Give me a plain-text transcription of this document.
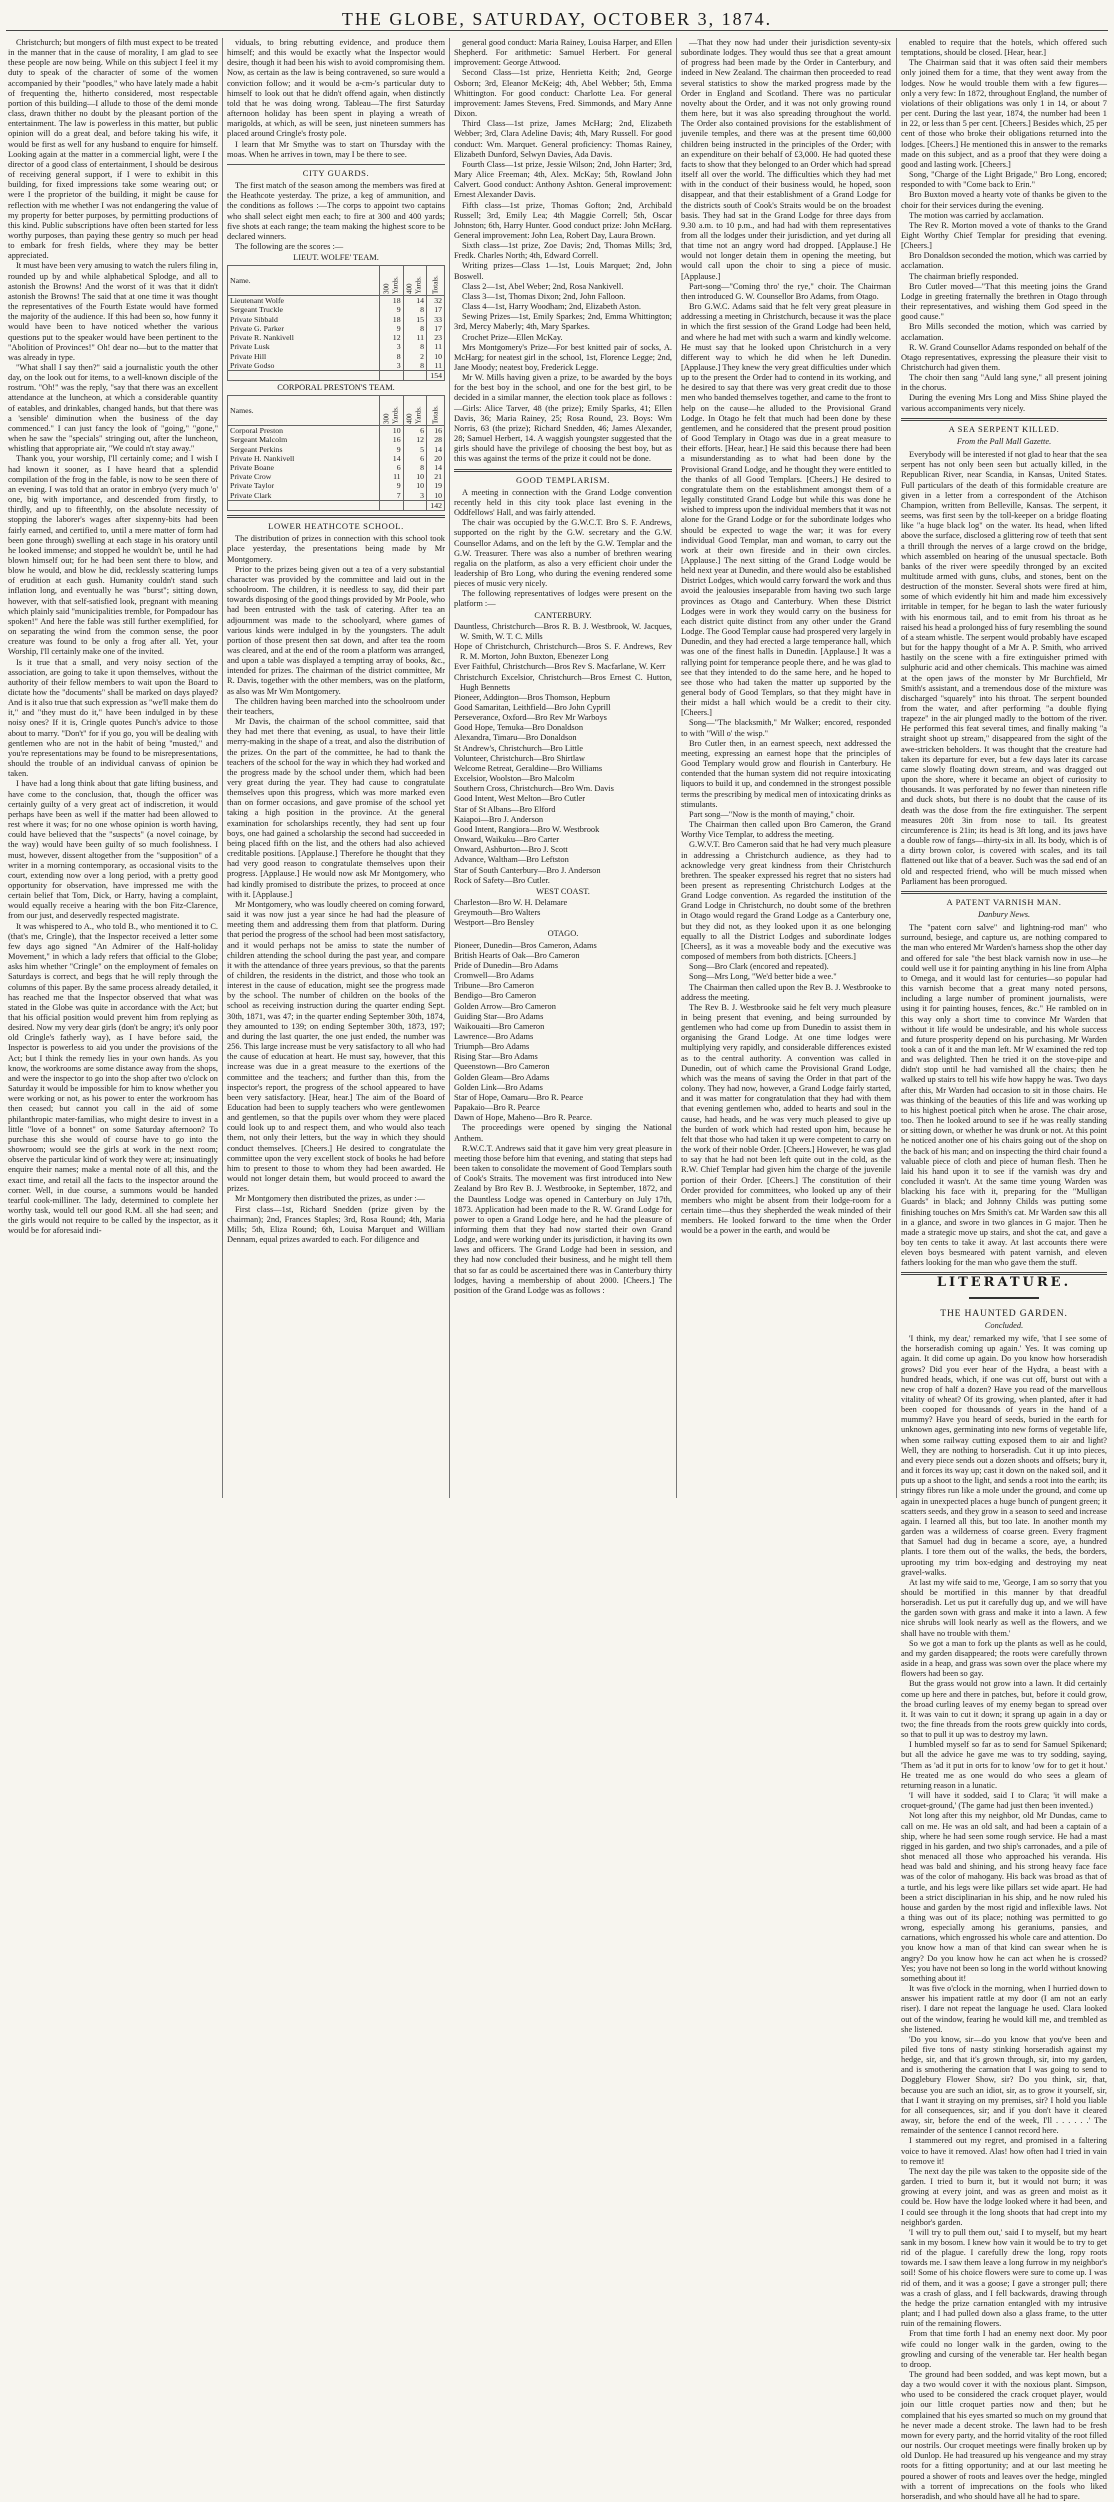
THE GLOBE, SATURDAY, OCTOBER 3, 1874.

Christchurch; but mongers of filth must expect to be treated in the manner that in the cause of morality, I am glad to see these people are now being. While on this subject I feel it my duty to speak of the character of some of the women accompanied by their "poodles," who have lately made a habit of frequenting the, hitherto considered, most respectable portion of this building—I allude to those of the demi monde class, drawn thither no doubt by the pleasant portion of the entertainment. The law is powerless in this matter, but public opinion will do a great deal, and before taking his wife, it would be first as well for any husband to enquire for himself. Looking again at the matter in a commercial light, were I the director of a good class of entertainment, I should be desirous of receiving general support, if I were to exhibit in this building, for fixed impressions take some wearing out; or were I the proprietor of the building, it might be cause for reflection with me whether I was not endangering the value of my property for better purposes, by permitting productions of this kind. Public subscriptions have often been started for less worthy purposes, than paying these gentry so much per head to embark for fresh fields, where they may be better appreciated.

It must have been very amusing to watch the rulers filing in, rounded up by and while alphabetical Splodge, and all to astonish the Browns! And the worst of it was that it didn't astonish the Browns! The said that at one time it was thought the representatives of the Fourth Estate would have formed the majority of the audience. If this had been so, how funny it would have been to have noticed whether the various questions put to the speaker would have been pertinent to the "Abolition of Provinces!" Oh! dear no—but to the matter that was already in type.

"What shall I say then?" said a journalistic youth the other day, on the look out for items, to a well-known disciple of the rostrum. "Oh!" was the reply, "say that there was an excellent attendance at the luncheon, at which a considerable quantity of eatables, and drinkables, changed hands, but that there was a 'sensible' diminution when the business of the day commenced." I can just fancy the look of "going," "gone," when he saw the "specials" stringing out, after the luncheon, whistling that appropriate air, "We could n't stay away."

Thank you, your worship, I'll certainly come; and I wish I had known it sooner, as I have heard that a splendid compilation of the frog in the fable, is now to be seen there of an evening. I was told that an orator in embryo (very much 'o' one, big with importance, and descended from firstly, to thirdly, and up to fifteenthly, on the absolute necessity of stopping the laborer's wages after sixpenny-bits had been fairly earned, and certified to, until a mere matter of form had been gone through) swelling at each stage in his oratory until he looked immense; and stopped he wouldn't be, until he had blown himself out; for he had been sent there to blow, and blow he would, and blow he did, recklessly scattering lumps of erudition at each gush. Humanity couldn't stand such inflation long, and eventually he was "burst"; sitting down, however, with that self-satisfied look, pregnant with meaning which plainly said "municipalities tremble, for Pompadour has spoken!" And here the fable was still further exemplified, for on separating the wind from the common sense, the poor creature was found to be only a frog after all. Yet, your Worship, I'll certainly make one of the invited.

Is it true that a small, and very noisy section of the association, are going to take it upon themselves, without the authority of their fellow members to wait upon the Board to dictate how the "documents" shall be marked on days played? And is it also true that such expression as "we'll make them do it," and "they must do it," have been indulged in by these noisy ones? If it is, Cringle quotes Punch's advice to those about to marry. "Don't" for if you go, you will be dealing with gentlemen who are not in the habit of being "musted," and you're representations may be found to be misrepresentations, should the trouble of an individual canvass of opinion be taken.

I have had a long think about that gate lifting business, and have come to the conclusion, that, though the officer was certainly guilty of a very great act of indiscretion, it would perhaps have been as well if the matter had been allowed to rest where it was; for no one whose opinion is worth having, could have believed that the "suspects" (a novel coinage, by the way) would have been guilty of so much foolishness. I must, however, dissent altogether from the "supposition" of a writer in a morning contemporary, as occasional visits to the court, extending now over a long period, with a pretty good opportunity for observation, have impressed me with the certain belief that Tom, Dick, or Harry, having a complaint, would equally receive a hearing with the bon Fitz-Clarence, from our just, and deservedly respected magistrate.

It was whispered to A., who told B., who mentioned it to C. (that's me, Cringle), that the Inspector received a letter some few days ago signed "An Admirer of the Half-holiday Movement," in which a lady refers that official to the Globe; asks him whether "Cringle" on the employment of females on Saturdays is correct, and begs that he will reply through the columns of this paper. By the same process already detailed, it has reached me that the Inspector observed that what was stated in the Globe was quite in accordance with the Act; but that his official position would prevent him from replying as desired. Now my very dear girls (don't be angry; it's only poor old Cringle's fatherly way), as I have before said, the Inspector is powerless to aid you under the provisions of the Act; but I think the remedy lies in your own hands. As you know, the workrooms are some distance away from the shops, and were the inspector to go into the shop after two o'clock on Saturday it would be impossible for him to know whether you were working or not, as his power to enter the workroom has then ceased; but cannot you call in the aid of some philanthropic mater-familias, who might desire to invest in a little "love of a bonnet" on some Saturday afternoon? To purchase this she would of course have to go into the showroom; would see the girls at work in the next room; observe the particular kind of work they were at; insinuatingly enquire their names; make a mental note of all this, and the exact time, and retail all the facts to the inspector around the corner. Well, in due course, a summons would be handed tearful cook-milliner. The lady, determined to complete her worthy task, would tell our good R.M. all she had seen; and the girls would not require to be called by the inspector, as it would be for aforesaid indi-

viduals, to bring rebutting evidence, and produce them himself; and this would be exactly what the Inspector would desire, though it had been his wish to avoid compromising them. Now, as certain as the law is being contravened, so sure would a conviction follow; and it would be a-cm-'s particular duty to himself to look out that he didn't offend again, when distinctly told that he was doing wrong. Tableau—The first Saturday afternoon holiday has been spent in playing a wreath of marigolds, at which, as will be seen, just nineteen summers has placed around Cringle's frosty pole.

I learn that Mr Smythe was to start on Thursday with the moas. When he arrives in town, may I be there to see.

CITY GUARDS.

The first match of the season among the members was fired at the Heathcote yesterday. The prize, a keg of ammunition, and the conditions as follows :—The corps to appoint two captains who shall select eight men each; to fire at 300 and 400 yards; five shots at each range; the team making the highest score to be declared winners.

The following are the scores :—

LIEUT. WOLFE' TEAM.
Name.	300 Yards.	400 Yards.	Totals.
Lieutenant Wolfe	18	14	32
Sergeant Truckle	9	8	17
Private Sibbald	18	15	33
Private G. Parker	9	8	17
Private R. Nankivell	12	11	23
Private Lusk	3	8	11
Private Hill	8	2	10
Private Godso	3	8	11
			154
CORPORAL PRESTON'S TEAM.
Names.	300 Yards.	400 Yards.	Totals.
Corporal Preston	10	6	16
Sergeant Malcolm	16	12	28
Sergeant Perkins	9	5	14
Private H. Nankivell	14	6	20
Private Boane	6	8	14
Private Crow	11	10	21
Private Taylor	9	10	19
Private Clark	7	3	10
			142
LOWER HEATHCOTE SCHOOL.

The distribution of prizes in connection with this school took place yesterday, the presentations being made by Mr Montgomery.

Prior to the prizes being given out a tea of a very substantial character was provided by the committee and laid out in the schoolroom. The children, it is needless to say, did their part towards disposing of the good things provided by Mr Poole, who had been entrusted with the task of catering. After tea an adjournment was made to the schoolyard, where games of various kinds were indulged in by the youngsters. The adult portion of those present then sat down, and after tea the room was cleared, and at the end of the room a platform was arranged, and upon a table was displayed a tempting array of books, &c., intended for prizes. The chairman of the district committee, Mr R. Davis, together with the other members, was on the platform, as also was Mr Wm Montgomery.

The children having been marched into the schoolroom under their teachers,

Mr Davis, the chairman of the school committee, said that they had met there that evening, as usual, to have their little merry-making in the shape of a treat, and also the distribution of the prizes. On the part of the committee, he had to thank the teachers of the school for the way in which they had worked and the progress made by the school under them, which had been very great during the year. They had cause to congratulate themselves upon this progress, which was more marked even than on former occasions, and gave promise of the school yet taking a high position in the province. At the general examination for scholarships recently, they had sent up four boys, one had gained a scholarship the second had succeeded in being placed fifth on the list, and the others had also achieved creditable positions. [Applause.] Therefore he thought that they had very good reason to congratulate themselves upon their progress. [Applause.] He would now ask Mr Montgomery, who had kindly promised to distribute the prizes, to proceed at once with it. [Applause.]

Mr Montgomery, who was loudly cheered on coming forward, said it was now just a year since he had had the pleasure of meeting them and addressing them from that platform. During that period the progress of the school had been most satisfactory, and it would perhaps not be amiss to state the number of children attending the school during the past year, and compare it with the attendance of three years previous, so that the parents of children, the residents in the district, and those who took an interest in the cause of education, might see the progress made by the school. The number of children on the books of the school as receiving instruction during the quarter ending Sept. 30th, 1871, was 47; in the quarter ending September 30th, 1874, they amounted to 139; on ending September 30th, 1873, 197; and during the last quarter, the one just ended, the number was 256. This large increase must be very satisfactory to all who had the cause of education at heart. He must say, however, that this increase was due in a great measure to the exertions of the committee and the teachers; and further than this, from the inspector's report, the progress of the school appeared to have been very satisfactory. [Hear, hear.] The aim of the Board of Education had been to supply teachers who were gentlewomen and gentlemen, so that the pupils over whom they were placed could look up to and respect them, and who would also teach them, not only their letters, but the way in which they should conduct themselves. [Cheers.] He desired to congratulate the committee upon the very excellent stock of books he had before him to present to those to whom they had been awarded. He would not longer detain them, but would proceed to award the prizes.

Mr Montgomery then distributed the prizes, as under :—

First class—1st, Richard Snedden (prize given by the chairman); 2nd, Frances Staples; 3rd, Rosa Round; 4th, Maria Mills; 5th, Eliza Round; 6th, Louisa Marquet and William Dennam, equal prizes awarded to each. For diligence and

general good conduct: Maria Rainey, Louisa Harper, and Ellen Shepherd. For arithmetic: Samuel Herbert. For general improvement: George Attwood.

Second Class—1st prize, Henrietta Keith; 2nd, George Osborn; 3rd, Eleanor McKeig; 4th, Abel Webber; 5th, Emma Whittington. For good conduct: Charlotte Lea. For general improvement: James Stevens, Fred. Simmonds, and Mary Anne Dixon.

Third Class—1st prize, James McHarg; 2nd, Elizabeth Webber; 3rd, Clara Adeline Davis; 4th, Mary Russell. For good conduct: Wm. Marquet. General proficiency: Thomas Rainey, Elizabeth Dunford, Selwyn Davies, Ada Davis.

Fourth Class—1st prize, Jessie Wilson; 2nd, John Harter; 3rd, Mary Alice Freeman; 4th, Alex. McKay; 5th, Rowland John Calvert. Good conduct: Anthony Ashton. General improvement: Ernest Alexander Davis.

Fifth class—1st prize, Thomas Gofton; 2nd, Archibald Russell; 3rd, Emily Lea; 4th Maggie Correll; 5th, Oscar Johnston; 6th, Harry Hunter. Good conduct prize: John McHarg. General improvement: John Lea, Robert Day, Laura Brown.

Sixth class—1st prize, Zoe Davis; 2nd, Thomas Mills; 3rd, Fredk. Charles North; 4th, Edward Correll.

Writing prizes—Class 1—1st, Louis Marquet; 2nd, John Boswell.

Class 2—1st, Abel Weber; 2nd, Rosa Nankivell.

Class 3—1st, Thomas Dixon; 2nd, John Falloon.

Class 4—1st, Harry Woodham; 2nd, Elizabeth Aston.

Sewing Prizes—1st, Emily Sparkes; 2nd, Emma Whittington; 3rd, Mercy Maberly; 4th, Mary Sparkes.

Crochet Prize—Ellen McKay.

Mrs Montgomery's Prize—For best knitted pair of socks, A. McHarg; for neatest girl in the school, 1st, Florence Legge; 2nd, Jane Moody; neatest boy, Frederick Legge.

Mr W. Mills having given a prize, to be awarded by the boys for the best boy in the school, and one for the best girl, to be decided in a similar manner, the election took place as follows :—Girls: Alice Tarver, 48 (the prize); Emily Sparks, 41; Ellen Davis, 36; Maria Rainey, 25; Rosa Round, 23. Boys: Wm Norris, 63 (the prize); Richard Snedden, 46; James Alexander, 28; Samuel Herbert, 14. A waggish youngster suggested that the girls should have the privilege of choosing the best boy, but as this was against the terms of the prize it could not be done.

GOOD TEMPLARISM.

A meeting in connection with the Grand Lodge convention recently held in this city took place last evening in the Oddfellows' Hall, and was fairly attended.

The chair was occupied by the G.W.C.T. Bro S. F. Andrews, supported on the right by the G.W. secretary and the G.W. Counsellor Adams, and on the left by the G.W. Templar and the G.W. Treasurer. There was also a number of brethren wearing regalia on the platform, as also a very efficient choir under the leadership of Bro Long, who during the evening rendered some pieces of music very nicely.

The following representatives of lodges were present on the platform :—

CANTERBURY.
Dauntless, Christchurch—Bros R. B. J. Westbrook, W. Jacques, W. Smith, W. T. C. Mills
Hope of Christchurch, Christchurch—Bros S. F. Andrews, Rev R. M. Morton, John Buxton, Ebenezer Long
Ever Faithful, Christchurch—Bros Rev S. Macfarlane, W. Kerr
Christchurch Excelsior, Christchurch—Bros Ernest C. Hutton, Hugh Bennetts
Pioneer, Addington—Bros Thomson, Hepburn
Good Samaritan, Leithfield—Bro John Cyprill
Perseverance, Oxford—Bro Rev Mr Warboys
Good Hope, Temuka—Bro Donaldson
Alexandra, Timaru—Bro Donaldson
St Andrew's, Christchurch—Bro Little
Volunteer, Christchurch—Bro Shirtlaw
Welcome Retreat, Geraldine—Bro Williams
Excelsior, Woolston—Bro Malcolm
Southern Cross, Christchurch—Bro Wm. Davis
Good Intent, West Melton—Bro Cutler
Star of St Albans—Bro Elford
Kaiapoi—Bro J. Anderson
Good Intent, Rangiora—Bro W. Westbrook
Onward, Waikuku—Bro Carter
Onward, Ashburton—Bro J. Scott
Advance, Waltham—Bro Leftston
Star of South Canterbury—Bro J. Anderson
Rock of Safety—Bro Cutler.
WEST COAST.
Charleston—Bro W. H. Delamare
Greymouth—Bro Walters
Westport—Bro Bensley
OTAGO.
Pioneer, Dunedin—Bros Cameron, Adams
British Hearts of Oak—Bro Cameron
Pride of Dunedin—Bro Adams
Cromwell—Bro Adams
Tribune—Bro Cameron
Bendigo—Bro Cameron
Golden Arrow—Bro Cameron
Guiding Star—Bro Adams
Waikouaiti—Bro Cameron
Lawrence—Bro Adams
Triumph—Bro Adams
Rising Star—Bro Adams
Queenstown—Bro Cameron
Golden Gleam—Bro Adams
Golden Link—Bro Adams
Star of Hope, Oamaru—Bro R. Pearce
Papakaio—Bro R. Pearce
Dawn of Hope, Maheno—Bro R. Pearce.

The proceedings were opened by singing the National Anthem.

R.W.C.T. Andrews said that it gave him very great pleasure in meeting those before him that evening, and stating that steps had been taken to consolidate the movement of Good Templars south of Cook's Straits. The movement was first introduced into New Zealand by Bro Rev B. J. Westbrooke, in September, 1872, and the Dauntless Lodge was opened in Canterbury on July 17th, 1873. Application had been made to the R. W. Grand Lodge for power to open a Grand Lodge here, and he had the pleasure of informing them that they had now started their own Grand Lodge, and were working under its jurisdiction, it having its own laws and officers. The Grand Lodge had been in session, and they had now concluded their business, and he might tell them that so far as could be ascertained there was in Canterbury thirty lodges, having a membership of about 2000. [Cheers.] The position of the Grand Lodge was as follows :

—That they now had under their jurisdiction seventy-six subordinate lodges. They would thus see that a great amount of progress had been made by the Order in Canterbury, and indeed in New Zealand. The chairman then proceeded to read several statistics to show the marked progress made by the Order in England and Scotland. There was no particular novelty about the Order, and it was not only growing round them here, but it was also spreading throughout the world. The Order also contained provisions for the establishment of juvenile temples, and there was at the present time 60,000 children being instructed in the principles of the Order; with an expenditure on their behalf of £3,000. He had quoted these facts to show that they belonged to an Order which had spread itself all over the world. The difficulties which they had met with in the conduct of their business would, he hoped, soon disappear, and that their establishment of a Grand Lodge for the districts south of Cook's Straits would be on the broadest basis. They had sat in the Grand Lodge for three days from 9.30 a.m. to 10 p.m., and had had with them representatives from all the lodges under their jurisdiction, and yet during all that time not an angry word had dropped. [Applause.] He would not longer detain them in opening the meeting, but would call upon the choir to sing a piece of music. [Applause.]

Part-song—"Coming thro' the rye," choir. The Chairman then introduced G. W. Counsellor Bro Adams, from Otago.

Bro G.W.C. Adams said that he felt very great pleasure in addressing a meeting in Christchurch, because it was the place in which the first session of the Grand Lodge had been held, and where he had met with such a warm and kindly welcome. He must say that he looked upon Christchurch in a very different way to which he did when he left Dunedin. [Applause.] They knew the very great difficulties under which up to the present the Order had to contend in its working, and he desired to say that there was very great credit due to those men who banded themselves together, and came to the front to help on the cause—he alluded to the Provisional Grand Lodge. In Otago he felt that much had been done by these gentlemen, and he considered that the present proud position of Good Templary in Otago was due in a great measure to their efforts. [Hear, hear.] He said this because there had been a misunderstanding as to what had been done by the Provisional Grand Lodge, and he thought they were entitled to the thanks of all Good Templars. [Cheers.] He desired to congratulate them on the establishment amongst them of a legally constituted Grand Lodge but while this was done he wished to impress upon the individual members that it was not alone for the Grand Lodge or for the subordinate lodges who should be expected to wage the war; it was for every individual Good Templar, man and woman, to carry out the work at their own fireside and in their own circles. [Applause.] The next sitting of the Grand Lodge would be held next year at Dunedin, and there would also be established District Lodges, which would carry forward the work and thus avoid the jealousies inseparable from having two such large provinces as Otago and Canterbury. When these District Lodges were in work they would carry on the business for each district quite distinct from any other under the Grand Lodge. The Good Templar cause had prospered very largely in Dunedin, and they had erected a large temperance hall, which was one of the finest halls in Dunedin. [Applause.] It was a rallying point for temperance people there, and he was glad to see that they intended to do the same here, and he hoped to see those who had taken the matter up supported by the general body of Good Templars, so that they might have in their midst a hall which would be a credit to their city. [Cheers.]

Song—"The blacksmith," Mr Walker; encored, responded to with "Will o' the wisp."

Bro Cutler then, in an earnest speech, next addressed the meeting, expressing an earnest hope that the principles of Good Templary would grow and flourish in Canterbury. He contended that the human system did not require intoxicating liquors to build it up, and condemned in the strongest possible terms the prescribing by medical men of intoxicating drinks as stimulants.

Part song—"Now is the month of maying," choir.

The Chairman then called upon Bro Cameron, the Grand Worthy Vice Templar, to address the meeting.

G.W.V.T. Bro Cameron said that he had very much pleasure in addressing a Christchurch audience, as they had to acknowledge very great kindness from their Christchurch brethren. The speaker expressed his regret that no sisters had been present as representing Christchurch Lodges at the Grand Lodge convention. As regarded the institution of the Grand Lodge in Christchurch, no doubt some of the brethren in Otago would regard the Grand Lodge as a Canterbury one, but they did not, as they looked upon it as one belonging equally to all the District Lodges and subordinate lodges [Cheers], as it was a moveable body and the executive was composed of members from both districts. [Cheers.]

Song—Bro Clark (encored and repeated).

Song—Mrs Long, "We'd better bide a wee."

The Chairman then called upon the Rev B. J. Westbrooke to address the meeting.

The Rev B. J. Westbrooke said he felt very much pleasure in being present that evening, and being surrounded by gentlemen who had come up from Dunedin to assist them in organising the Grand Lodge. At one time lodges were multiplying very rapidly, and considerable differences existed as to the central authority. A convention was called in Dunedin, out of which came the Provisional Grand Lodge, which was the means of saving the Order in that part of the colony. They had now, however, a Grand Lodge fairly started, and it was matter for congratulation that they had with them that evening gentlemen who, added to hearts and soul in the cause, had heads, and he was very much pleased to give up the burden of work which had rested upon him, because he felt that those who had taken it up were competent to carry on the work of their noble Order. [Cheers.] However, he was glad to say that he had not been left quite out in the cold, as the R.W. Chief Templar had given him the charge of the juvenile portion of their Order. [Cheers.] The constitution of their Order provided for committees, who looked up any of their members who might be absent from their lodge-room for a certain time—thus they shepherded the weak minded of their members. He looked forward to the time when the Order would be a power in the earth, and would be

enabled to require that the hotels, which offered such temptations, should be closed. [Hear, hear.]

The Chairman said that it was often said their members only joined them for a time, that they went away from the lodges. Now he would trouble them with a few figures—only a very few: In 1872, throughout England, the number of violations of their obligations was only 1 in 14, or about 7 per cent. During the last year, 1874, the number had been 1 in 22, or less than 5 per cent. [Cheers.] Besides which, 25 per cent of those who broke their obligations returned into the lodges. [Cheers.] He mentioned this in answer to the remarks made on this subject, and as a proof that they were doing a good and lasting work. [Cheers.]

Song, "Charge of the Light Brigade," Bro Long, encored; responded to with "Come back to Erin."

Bro Buxton moved a hearty vote of thanks be given to the choir for their services during the evening.

The motion was carried by acclamation.

The Rev R. Morton moved a vote of thanks to the Grand Eight Worthy Chief Templar for presiding that evening. [Cheers.]

Bro Donaldson seconded the motion, which was carried by acclamation.

The chairman briefly responded.

Bro Cutler moved—"That this meeting joins the Grand Lodge in greeting fraternally the brethren in Otago through their representatives, and wishing them God speed in the good cause."

Bro Mills seconded the motion, which was carried by acclamation.

R. W. Grand Counsellor Adams responded on behalf of the Otago representatives, expressing the pleasure their visit to Christchurch had given them.

The choir then sang "Auld lang syne," all present joining in the chorus.

During the evening Mrs Long and Miss Shine played the various accompaniments very nicely.

A SEA SERPENT KILLED.
From the Pall Mall Gazette.

Everybody will be interested if not glad to hear that the sea serpent has not only been seen but actually killed, in the Republican River, near Scandia, in Kansas, United States. Full particulars of the death of this formidable creature are given in a letter from a correspondent of the Atchison Champion, written from Belleville, Kansas. The serpent, it seems, was first seen by the toll-keeper on a bridge floating like "a huge black log" on the water. Its head, when lifted above the surface, disclosed a glittering row of teeth that sent a thrill through the nerves of a large crowd on the bridge, which assembled on hearing of the unusual spectacle. Both banks of the river were speedily thronged by an excited multitude armed with guns, clubs, and stones, bent on the destruction of the monster. Several shots were fired at him, some of which evidently hit him and made him excessively irritable in temper, for he began to lash the water furiously with his enormous tail, and to emit from his throat as he raised his head a prolonged hiss of fury resembling the sound of a steam whistle. The serpent would probably have escaped but for the happy thought of a Mr A. P. Smith, who arrived hastily on the scene with a fire extinguisher primed with sulphuric acid and other chemicals. This machine was aimed at the open jaws of the monster by Mr Burchfield, Mr Smith's assistant, and a tremendous dose of the mixture was discharged "squarely" into his throat. The serpent bounded from the water, and after performing "a double flying trapeze" in the air plunged madly to the bottom of the river. He performed this feat several times, and finally making "a straight shoot up stream," disappeared from the sight of the awe-stricken beholders. It was thought that the creature had taken its departure for ever, but a few days later its carcase came slowly floating down stream, and was dragged out upon the shore, where it became an object of curiosity to thousands. It was perforated by no fewer than nineteen rifle and duck shots, but there is no doubt that the cause of its death was the dose from the fire extinguisher. The serpent measures 20ft 3in from nose to tail. Its greatest circumference is 21in; its head is 3ft long, and its jaws have a double row of fangs—thirty-six in all. Its body, which is of a dirty brown color, is covered with scales, and its tail flattened out like that of a beaver. Such was the sad end of an old and respected friend, who will be much missed when Parliament has been prorogued.

A PATENT VARNISH MAN.
Danbury News.

The "patent corn salve" and lightning-rod man" who surround, besiege, and capture us, are nothing compared to the man who entered Mr Warden's harness shop the other day and offered for sale "the best black varnish now in use—he could well use it for painting anything in his line from Alpha to Omega, and it would last for centuries—so popular had this varnish become that a great many noted persons, including a large number of prominent journalists, were using it for painting houses, fences, &c." He rambled on in this way only a short time to convince Mr Warden that without it life would be undesirable, and his whole success and future prosperity depend on his purchasing. Mr Warden took a can of it and the man left. Mr W examined the red top and was delighted. Then he tried it on the stove-pipe and didn't stop until he had varnished all the chairs; then he walked up stairs to tell his wife how happy he was. Two days after this, Mr Warden had occasion to sit in those chairs. He was thinking of the beauties of this life and was working up to his highest poetical pitch when he arose. The chair arose, too. Then he looked around to see if he was really standing or sitting down, or whether he was drunk or not. At this point he noticed another one of his chairs going out of the shop on the back of his man; and on inspecting the third chair found a valuable piece of cloth and piece of human flesh. Then he laid his hand upon it to see if the varnish was dry and concluded it wasn't. At the same time young Warden was blacking his face with it, preparing for the "Mulligan Guards" in black; and Johnny Childs was putting some finishing touches on Mrs Smith's cat. Mr Warden saw this all in a glance, and swore in two glances in G major. Then he made a strategic move up stairs, and shot the cat, and gave a boy ten cents to take it away. At last accounts there were eleven boys besmeared with patent varnish, and eleven fathers looking for the man who gave them the stuff.

LITERATURE.
THE HAUNTED GARDEN.
Concluded.

'I think, my dear,' remarked my wife, 'that I see some of the horseradish coming up again.' Yes. It was coming up again. It did come up again. Do you know how horseradish grows? Did you ever hear of the Hydra, a beast with a hundred heads, which, if one was cut off, burst out with a new crop of half a dozen? Have you read of the marvellous vitality of wheat? Of its growing, when planted, after it had been cooped for thousands of years in the hand of a mummy? Have you heard of seeds, buried in the earth for unknown ages, germinating into new forms of vegetable life, when some railway cutting exposed them to air and light? Well, they are nothing to horseradish. Cut it up into pieces, and every piece sends out a dozen shoots and offsets; bury it, and it forces its way up; cast it down on the naked soil, and it puts up a shoot to the light, and sends a root into the earth; its stringy fibres run like a mole under the ground, and come up again in unexpected places a huge bunch of pungent green; it scatters seeds, and they grow in a season to seed and increase again. I learned all this, but too late. In another month my garden was a wilderness of coarse green. Every fragment that Samuel had dug in became a score, aye, a hundred plants. I tore them out of the walks, the beds, the borders, uprooting my trim box-edging and destroying my neat gravel-walks.

At last my wife said to me, 'George, I am so sorry that you should be mortified in this manner by that dreadful horseradish. Let us put it carefully dug up, and we will have the garden sown with grass and make it into a lawn. A few nice shrubs will look nearly as well as the flowers, and we shall have no trouble with them.'

So we got a man to fork up the plants as well as he could, and my garden disappeared; the roots were carefully thrown aside in a heap, and grass was sown over the place where my flowers had been so gay.

But the grass would not grow into a lawn. It did certainly come up here and there in patches, but, before it could grow, the broad curling leaves of my enemy began to spread over it. It was vain to cut it down; it sprang up again in a day or two; the fine threads from the roots grew quickly into cords, so that to pull it up was to destroy my lawn.

I humbled myself so far as to send for Samuel Spikenard; but all the advice he gave me was to try sodding, saying, 'Them as 'ad it put in orts for to know 'ow for to get it hout.' He treated me as one would do who sees a gleam of returning reason in a lunatic.

'I will have it sodded, said I to Clara; 'it will make a croquet-ground,' (The game had just then been invented.)

Not long after this my neighbor, old Mr Dundas, came to call on me. He was an old salt, and had been a captain of a ship, where he had seen some rough service. He had a mast rigged in his garden, and two ship's carronades, and a pile of shot menaced all those who approached his veranda. His head was bald and shining, and his strong heavy face face was of the color of mahogany. His back was broad as that of a turtle, and his legs were like pillars set wide apart. He had been a strict disciplinarian in his ship, and he now ruled his house and garden by the most rigid and inflexible laws. Not a thing was out of its place; nothing was permitted to go wrong, especially among his geraniums, pansies, and carnations, which engrossed his whole care and attention. Do you know how a man of that kind can swear when he is angry? Do you know how he can act when he is crossed? Yes; you have not been so long in the world without knowing something about it!

It was five o'clock in the morning, when I hurried down to answer his impatient rattle at my door (I am not an early riser). I dare not repeat the language he used. Clara looked out of the window, fearing he would kill me, and trembled as she listened.

'Do you know, sir—do you know that you've been and piled five tons of nasty stinking horseradish against my hedge, sir, and that it's grown through, sir, into my garden, and is smothering the carnation that I was going to send to Dogglebury Flower Show, sir? Do you think, sir, that, because you are such an idiot, sir, as to grow it yourself, sir, that I want it straying on my premises, sir? I hold you liable for all consequences, sir; and if you don't have it cleared away, sir, before the end of the week, I'll . . . . . .' The remainder of the sentence I cannot record here.

I stammered out my regret, and promised in a faltering voice to have it removed. Alas! how often had I tried in vain to remove it!

The next day the pile was taken to the opposite side of the garden. I tried to burn it, but it would not burn; it was growing at every joint, and was as green and moist as it could be. How have the lodge looked where it had been, and I could see through it the long shoots that had crept into my neighbor's garden.

'I will try to pull them out,' said I to myself, but my heart sank in my bosom. I knew how vain it would be to try to get rid of the plague. I carefully drew the long, ropy roots towards me. I saw them leave a long furrow in my neighbor's soil! Some of his choice flowers were sure to come up. I was rid of them, and it was a goose; I gave a stronger pull; there was a crash of glass, and I fell backwards, drawing through the hedge the prize carnation entangled with my intrusive plant; and I had pulled down also a glass frame, to the utter ruin of the remaining flowers.

From that time forth I had an enemy next door. My poor wife could no longer walk in the garden, owing to the growling and cursing of the venerable tar. Her health began to droop.

The ground had been sodded, and was kept mown, but a day a two would cover it with the noxious plant. Simpson, who used to be considered the crack croquet player, would join our little croquet parties now and then; but he complained that his eyes smarted so much on my ground that he never made a decent stroke. The lawn had to be fresh mown for every party, and the horrid vitality of the root filled our nostrils. Our croquet meetings were finally broken up by old Dunlop. He had treasured up his vengeance and my stray roots for a fitting opportunity; and at our last meeting he poured a shower of roots and leaves over the hedge, mingled with a torrent of imprecations on the fools who liked horseradish, and who should have all he had to spare.
